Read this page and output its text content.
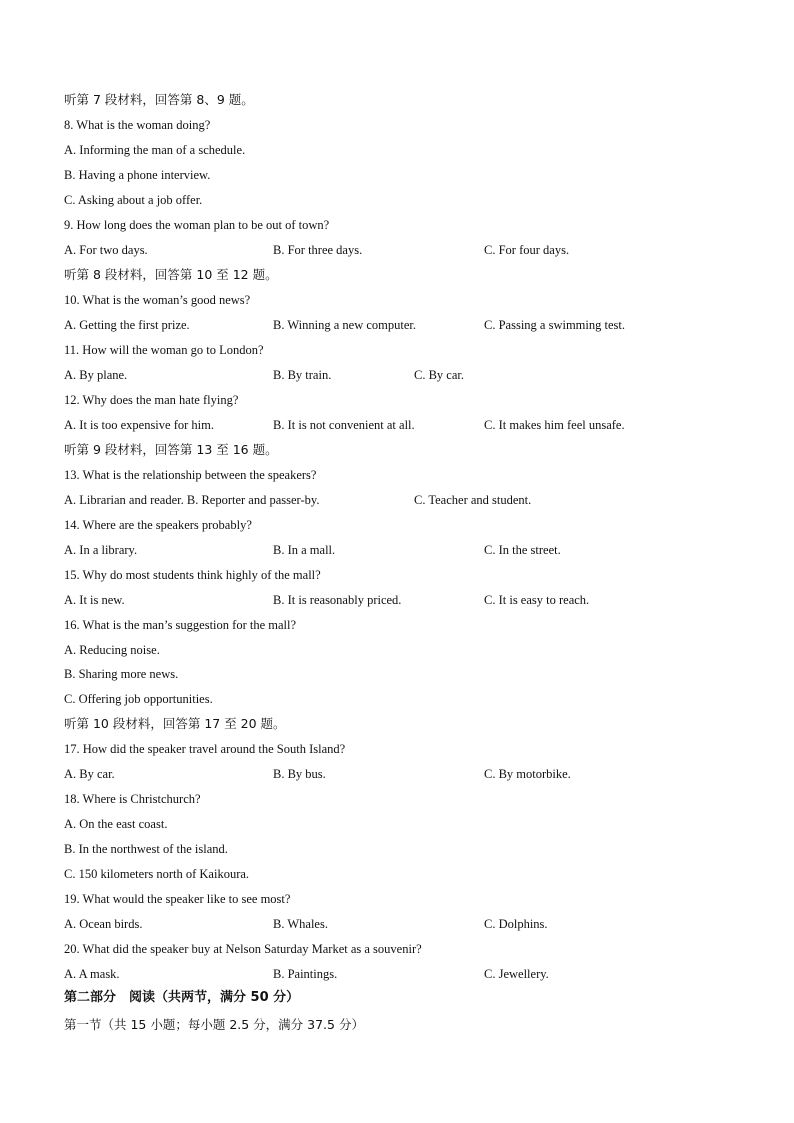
听第 7 段材料，回答第 8、9 题。
8. What is the woman doing?
A. Informing the man of a schedule.
B. Having a phone interview.
C. Asking about a job offer.
9. How long does the woman plan to be out of town?
A. For two days.	B. For three days.	C. For four days.
听第 8 段材料，回答第 10 至 12 题。
10. What is the woman’s good news?
A. Getting the first prize.	B. Winning a new computer.	C. Passing a swimming test.
11. How will the woman go to London?
A. By plane.	B. By train.	C. By car.
12. Why does the man hate flying?
A. It is too expensive for him.	B. It is not convenient at all.	C. It makes him feel unsafe.
听第 9 段材料，回答第 13 至 16 题。
13. What is the relationship between the speakers?
A. Librarian and reader. B. Reporter and passer-by.	C. Teacher and student.
14. Where are the speakers probably?
A. In a library.	B. In a mall.	C. In the street.
15. Why do most students think highly of the mall?
A. It is new.	B. It is reasonably priced.	C. It is easy to reach.
16. What is the man’s suggestion for the mall?
A. Reducing noise.
B. Sharing more news.
C. Offering job opportunities.
听第 10 段材料，回答第 17 至 20 题。
17. How did the speaker travel around the South Island?
A. By car.	B. By bus.	C. By motorbike.
18. Where is Christchurch?
A. On the east coast.
B. In the northwest of the island.
C. 150 kilometers north of Kaikoura.
19. What would the speaker like to see most?
A. Ocean birds.	B. Whales.	C. Dolphins.
20. What did the speaker buy at Nelson Saturday Market as a souvenir?
A. A mask.	B. Paintings.	C. Jewellery.
第二部分　阅读（共两节，满分 50 分）
第一节（共 15 小题；每小题 2.5 分，满分 37.5 分）
